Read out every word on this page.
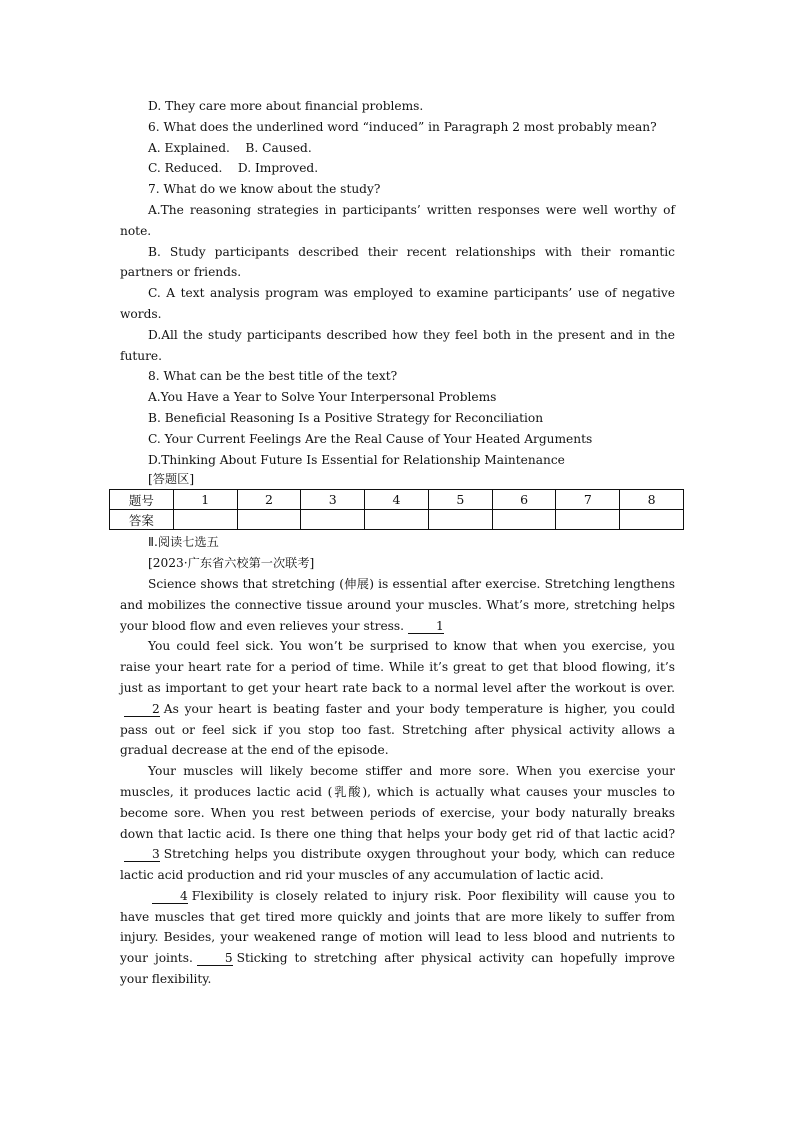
D. They care more about financial problems.
6. What does the underlined word “induced” in Paragraph 2 most probably mean?
A. Explained.    B. Caused.
C. Reduced.    D. Improved.
7. What do we know about the study?
A.The reasoning strategies in participants’ written responses were well worthy of note.
B. Study participants described their recent relationships with their romantic partners or friends.
C. A text analysis program was employed to examine participants’ use of negative words.
D.All the study participants described how they feel both in the present and in the future.
8. What can be the best title of the text?
A.You Have a Year to Solve Your Interpersonal Problems
B. Beneficial Reasoning Is a Positive Strategy for Reconciliation
C. Your Current Feelings Are the Real Cause of Your Heated Arguments
D.Thinking About Future Is Essential for Relationship Maintenance
[答题区]
题号	1	2	3	4	5	6	7	8
答案								
Ⅱ.阅读七选五
[2023·广东省六校第一次联考]
Science shows that stretching (伸展) is essential after exercise. Stretching lengthens and mobilizes the connective tissue around your muscles. What’s more, stretching helps your blood flow and even relieves your stress.	1
You could feel sick. You won’t be surprised to know that when you exercise, you raise your heart rate for a period of time. While it’s great to get that blood flowing, it’s just as important to get your heart rate back to a normal level after the workout is over.2 As your heart is beating faster and your body temperature is higher, you could pass out or feel sick if you stop too fast. Stretching after physical activity allows a gradual decrease at the end of the episode.
Your muscles will likely become stiffer and more sore. When you exercise your muscles, it produces lactic acid (乳酸), which is actually what causes your muscles to become sore. When you rest between periods of exercise, your body naturally breaks down that lactic acid. Is there one thing that helps your body get rid of that lactic acid?3 Stretching helps you distribute oxygen throughout your body, which can reduce lactic acid production and rid your muscles of any accumulation of lactic acid.
4 Flexibility is closely related to injury risk. Poor flexibility will cause you to have muscles that get tired more quickly and joints that are more likely to suffer from injury. Besides, your weakened range of motion will lead to less blood and nutrients to your joints.	5 Sticking to stretching after physical activity can hopefully improve your flexibility.
